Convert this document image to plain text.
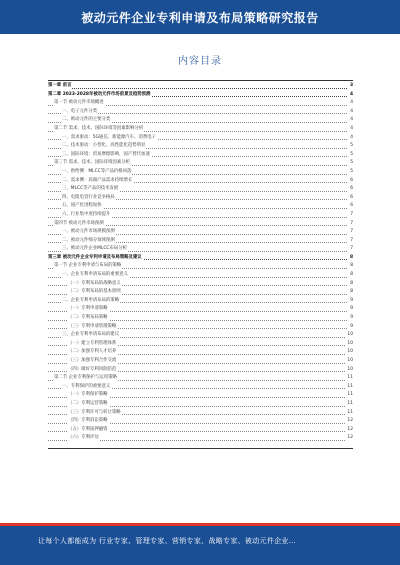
被动元件企业专利申请及布局策略研究报告
内容目录
第一章 前言	3
第二章 2023-2028年被动元件市场前景及趋势预测	4
第一节 被动元件市场概述	4
一、电子元件分类	4
二、被动元件的主要分类	4
第二节 需求、技术、国际环境等因素影响分析	4
一、需求驱动：5G通信、新能源汽车、消费电子	4
二、技术驱动：小型化、高性能化趋势明显	5
三、国际环境：贸易摩擦影响，国产替代加速	5
第三节 需求、技术、国际环境因素分析	5
一、供给侧：MLCC等产品价格回落	5
二、需求侧：高端产品需求持续增长	6
三、MLCC等产品的技术发展	6
四、电阻电容行业竞争格局	6
五、国产化进程加快	6
六、行业集中度持续提升	7
第四节 被动元件市场预测	7
一、被动元件市场规模预测	7
二、被动元件细分领域预测	7
三、被动元件企业MLCC布局分析	7
第三章 被动元件企业专利申请及布局策略及建议	8
第一节 企业专利申请与布局的策略	8
一、企业专利申请布局的重要意义	8
（一）专利布局的战略意义	8
（二）专利布局的基本原则	8
二、企业专利申请布局的策略	9
（一）专利申请策略	9
（二）专利布局策略	9
（三）专利申请管理策略	9
三、企业专利申请布局的建议	10
（一）建立专利管理体系	10
（二）加强专利人才培养	10
（三）加强专利合作交流	10
（四）做好专利风险防范	10
第二节 企业专利保护与运用策略	11
一、专利保护的重要意义	11
（一）专利保护策略	11
（二）专利运营策略	11
（三）专利许可与转让策略	11
（四）专利诉讼策略	12
（五）专利质押融资	12
（六）专利评估	12
让每个人都能成为 行业专家、管理专家、营销专家、战略专家、被动元件企业…
